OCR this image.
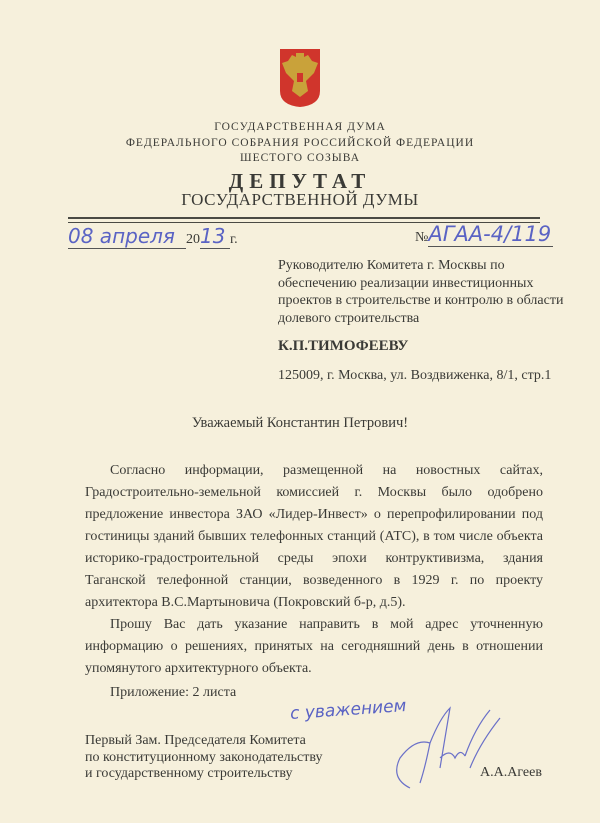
ГОСУДАРСТВЕННАЯ ДУМА
ФЕДЕРАЛЬНОГО СОБРАНИЯ РОССИЙСКОЙ ФЕДЕРАЦИИ
ШЕСТОГО СОЗЫВА
ДЕПУТАТ
ГОСУДАРСТВЕННОЙ ДУМЫ
08 апреля 2013 г.	№АГАА-4/119
Руководителю Комитета г. Москвы по обеспечению реализации инвестиционных проектов в строительстве и контролю в области долевого строительства
К.П.ТИМОФЕЕВУ
125009, г. Москва, ул. Воздвиженка, 8/1, стр.1
Уважаемый Константин Петрович!

Согласно информации, размещенной на новостных сайтах, Градостроительно-земельной комиссией г. Москвы было одобрено предложение инвестора ЗАО «Лидер-Инвест» о перепрофилировании под гостиницы зданий бывших телефонных станций (АТС), в том числе объекта историко-градостроительной среды эпохи контруктивизма, здания Таганской телефонной станции, возведенного в 1929 г. по проекту архитектора В.С.Мартыновича (Покровский б-р, д.5).

Прошу Вас дать указание направить в мой адрес уточненную информацию о решениях, принятых на сегодняшний день в отношении упомянутого архитектурного объекта.

Приложение: 2 листа
с уважением
Первый Зам. Председателя Комитета
по конституционному законодательству
и государственному строительству	А.А.Агеев
